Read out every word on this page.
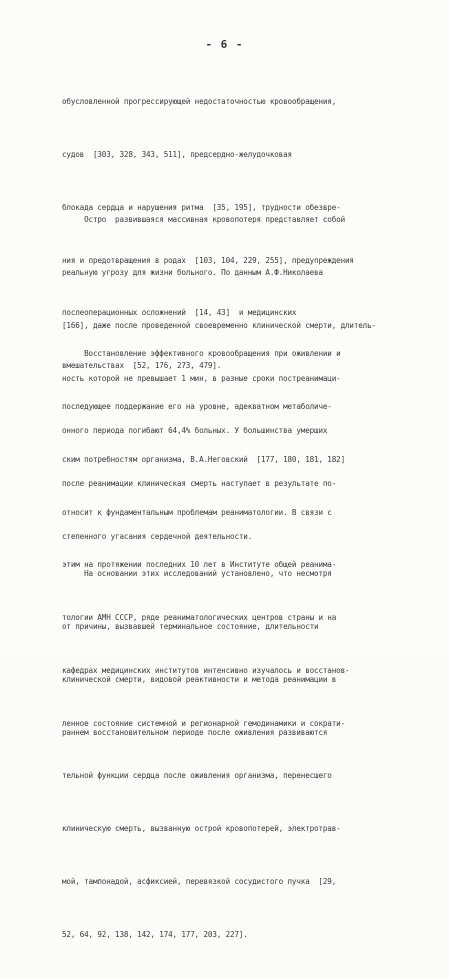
- 6 -

обусловленной прогрессирующей недостаточностью кровообращения,

судов  [303, 328, 343, 511], предсердно-желудочковая

блокада сердца и нарушения ритма  [35, 195], трудности обезвре-

ния и предотвращения в родах  [103, 104, 229, 255], предупреждения

послеоперационных осложнений  [14, 43]  и медицинских

вмешательствах  [52, 176, 273, 479].

Остро  развившаяся массивная кровопотеря представляет собой

реальную угрозу для жизни больного. По данным А.Ф.Николаева

[166], даже после проведенной своевременно клинической смерти, длитель-

ность которой не превышает 1 мин, в разные сроки постреанимаци-

онного периода погибают 64,4% больных. У большинства умерших

после реанимации клиническая смерть наступает в результате по-

степенного угасания сердечной деятельности.

Восстановление эффективного кровообращения при оживлении и

последующее поддержание его на уровне, адекватном метаболиче-

ским потребностям организма, В.А.Неговский  [177, 180, 181, 182]

относит к фундаментальным проблемам реаниматологии. В связи с

этим на протяжении последних 10 лет в Институте общей реанима-

тологии АМН СССР, ряде реаниматологических центров страны и на

кафедрах медицинских институтов интенсивно изучалось и восстанов-

ленное состояние системной и регионарной гемодинамики и сократи-

тельной функции сердца после оживления организма, перенесшего

клиническую смерть, вызванную острой кровопотерей, электротрав-

мой, тампонадой, асфиксией, перевязкой сосудистого пучка  [29,

52, 64, 92, 138, 142, 174, 177, 203, 227].

На основании этих исследований установлено, что несмотря

от причины, вызвавшей терминальное состояние, длительности

клинической смерти, видовой реактивности и метода реанимации в

раннем восстановительном периоде после оживления развиваются
